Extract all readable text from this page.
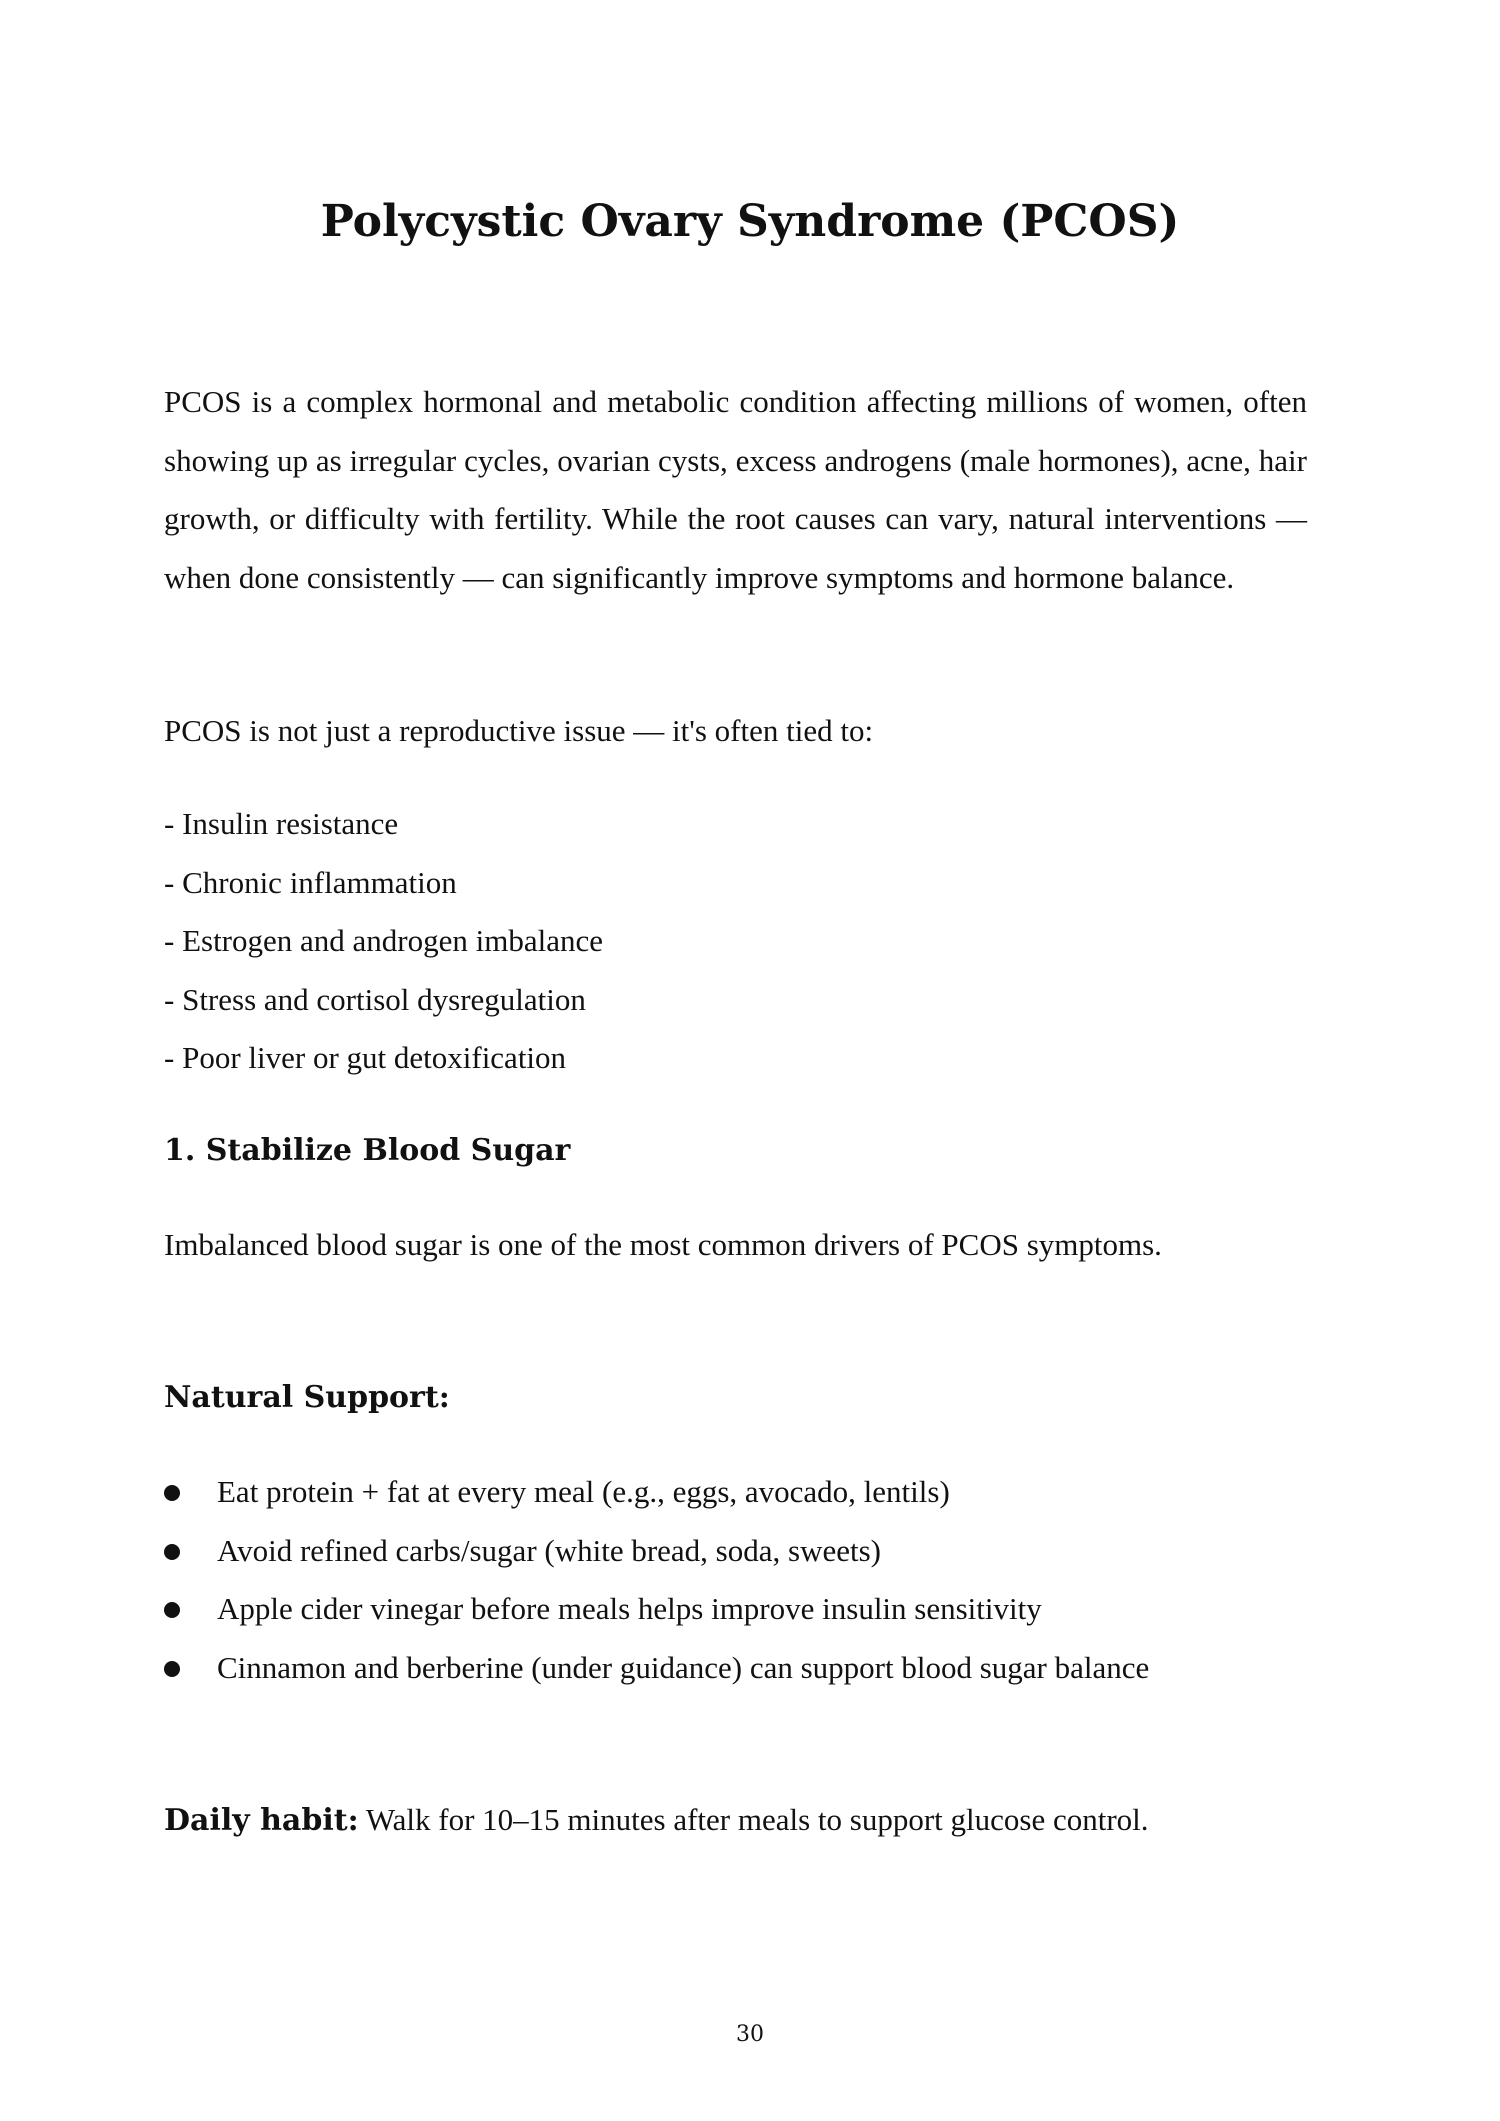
Polycystic Ovary Syndrome (PCOS)
PCOS is a complex hormonal and metabolic condition affecting millions of women, often showing up as irregular cycles, ovarian cysts, excess androgens (male hormones), acne, hair growth, or difficulty with fertility. While the root causes can vary, natural interventions — when done consistently — can significantly improve symptoms and hormone balance.
PCOS is not just a reproductive issue — it's often tied to:
- Insulin resistance
- Chronic inflammation
- Estrogen and androgen imbalance
- Stress and cortisol dysregulation
- Poor liver or gut detoxification
1. Stabilize Blood Sugar
Imbalanced blood sugar is one of the most common drivers of PCOS symptoms.
Natural Support:
Eat protein + fat at every meal (e.g., eggs, avocado, lentils)
Avoid refined carbs/sugar (white bread, soda, sweets)
Apple cider vinegar before meals helps improve insulin sensitivity
Cinnamon and berberine (under guidance) can support blood sugar balance
Daily habit: Walk for 10–15 minutes after meals to support glucose control.
30
